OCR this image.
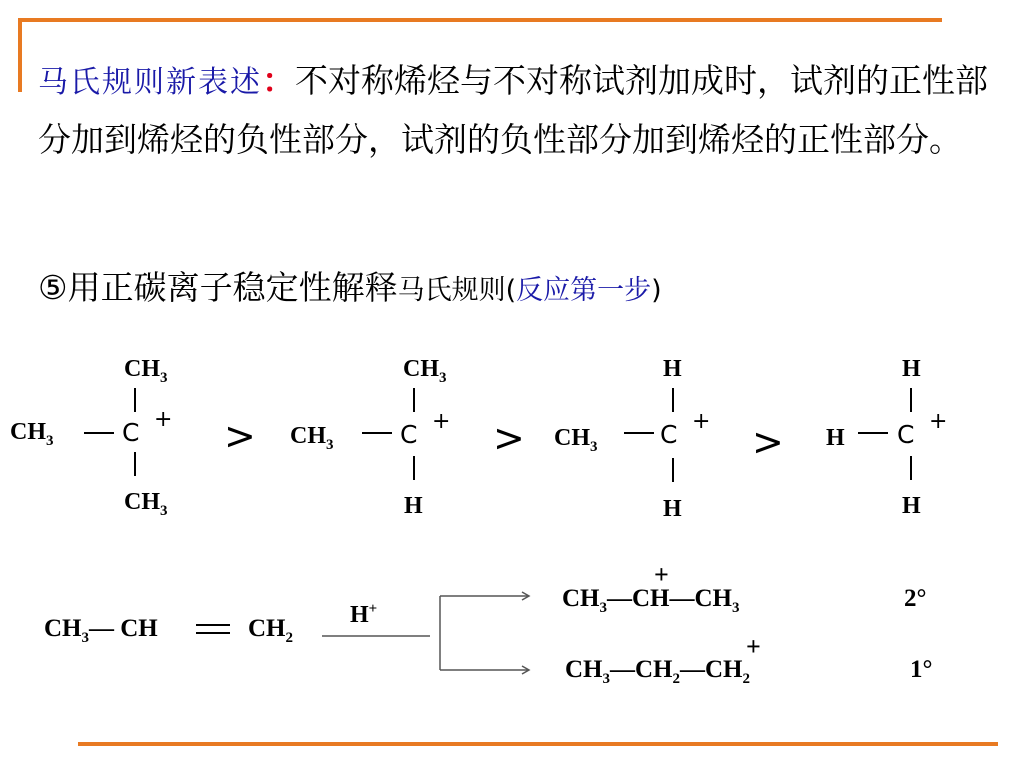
马氏规则新表述：不对称烯烃与不对称试剂加成时，试剂的正性部分加到烯烃的负性部分，试剂的负性部分加到烯烃的正性部分。
⑤用正碳离子稳定性解释马氏规则(反应第一步)
$CH_3$
$CH_3$	C +
$CH_3$
>
$CH_3$
$CH_3$	C +
H
>
H
$CH_3$	C +
H
>
H
H C +
H
$CH_3—$ CH	$CH_2$
H+
+
$CH_3—CH—CH_3$	2°
+
$CH_3—CH_2—CH_2$	1°
